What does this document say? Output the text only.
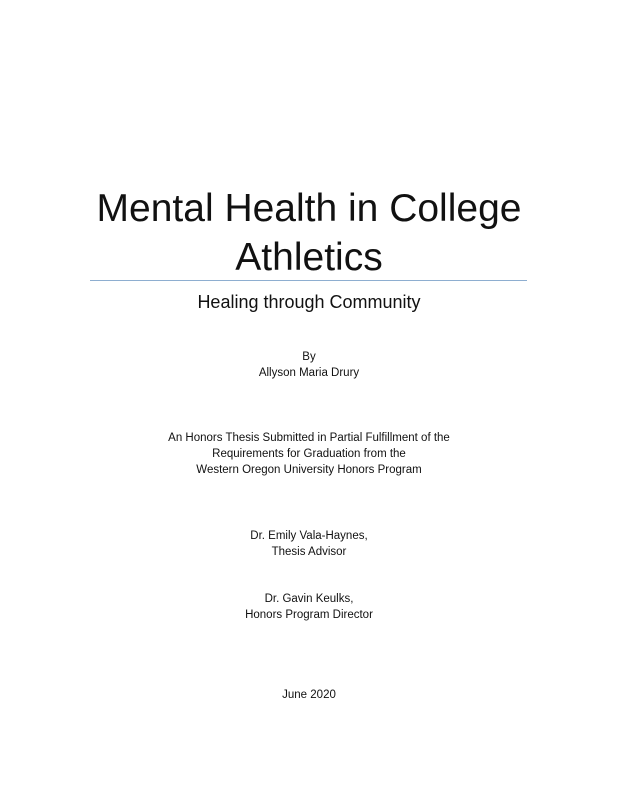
Mental Health in College
Athletics
Healing through Community
By
Allyson Maria Drury
An Honors Thesis Submitted in Partial Fulfillment of the
Requirements for Graduation from the
Western Oregon University Honors Program
Dr. Emily Vala-Haynes,
Thesis Advisor
Dr. Gavin Keulks,
Honors Program Director
June 2020
